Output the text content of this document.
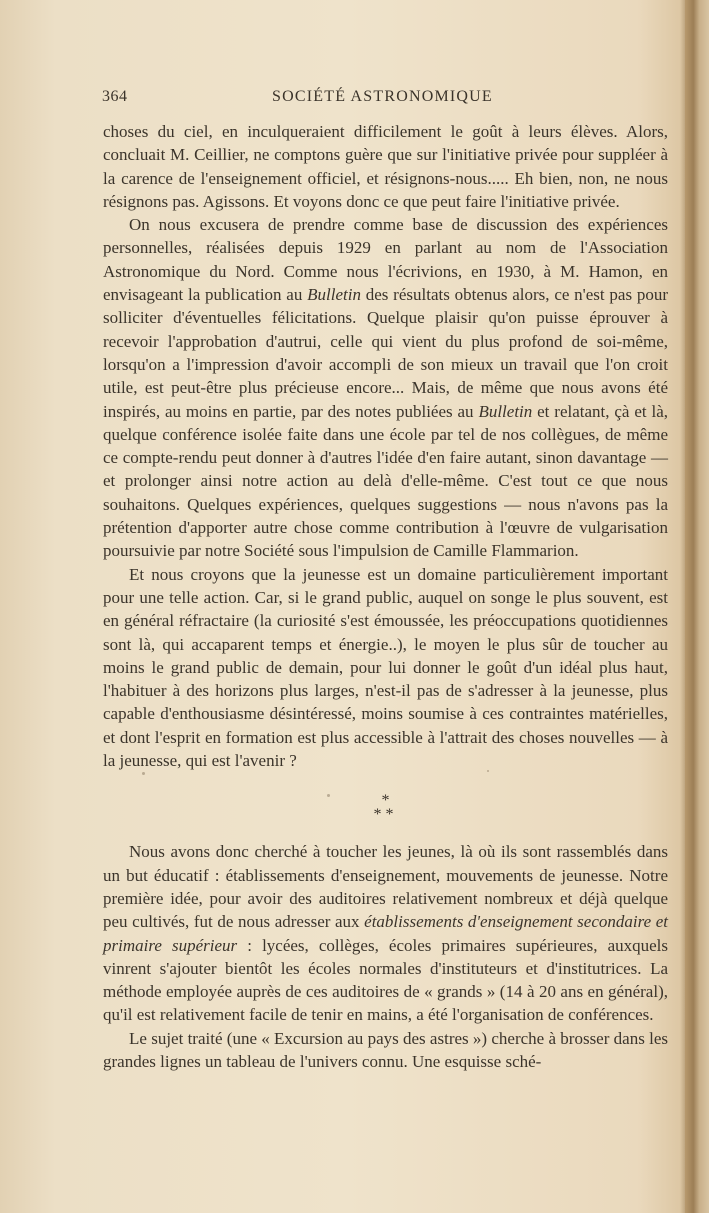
364	SOCIÉTÉ ASTRONOMIQUE

choses du ciel, en inculqueraient difficilement le goût à leurs élèves. Alors, concluait M. Ceillier, ne comptons guère que sur l'initiative privée pour suppléer à la carence de l'enseignement officiel, et résignons-nous..... Eh bien, non, ne nous résignons pas. Agissons. Et voyons donc ce que peut faire l'initiative privée.

On nous excusera de prendre comme base de discussion des expériences personnelles, réalisées depuis 1929 en parlant au nom de l'Association Astronomique du Nord. Comme nous l'écrivions, en 1930, à M. Hamon, en envisageant la publication au Bulletin des résultats obtenus alors, ce n'est pas pour solliciter d'éventuelles félicitations. Quelque plaisir qu'on puisse éprouver à recevoir l'approbation d'autrui, celle qui vient du plus profond de soi-même, lorsqu'on a l'impression d'avoir accompli de son mieux un travail que l'on croit utile, est peut-être plus précieuse encore... Mais, de même que nous avons été inspirés, au moins en partie, par des notes publiées au Bulletin et relatant, çà et là, quelque conférence isolée faite dans une école par tel de nos collègues, de même ce compte-rendu peut donner à d'autres l'idée d'en faire autant, sinon davantage — et prolonger ainsi notre action au delà d'elle-même. C'est tout ce que nous souhaitons. Quelques expériences, quelques suggestions — nous n'avons pas la prétention d'apporter autre chose comme contribution à l'œuvre de vulgarisation poursuivie par notre Société sous l'impulsion de Camille Flammarion.

Et nous croyons que la jeunesse est un domaine particulièrement important pour une telle action. Car, si le grand public, auquel on songe le plus souvent, est en général réfractaire (la curiosité s'est émoussée, les préoccupations quotidiennes sont là, qui accaparent temps et énergie..), le moyen le plus sûr de toucher au moins le grand public de demain, pour lui donner le goût d'un idéal plus haut, l'habituer à des horizons plus larges, n'est-il pas de s'adresser à la jeunesse, plus capable d'enthousiasme désintéressé, moins soumise à ces contraintes matérielles, et dont l'esprit en formation est plus accessible à l'attrait des choses nouvelles — à la jeunesse, qui est l'avenir ?

*
**

Nous avons donc cherché à toucher les jeunes, là où ils sont rassemblés dans un but éducatif : établissements d'enseignement, mouvements de jeunesse. Notre première idée, pour avoir des auditoires relativement nombreux et déjà quelque peu cultivés, fut de nous adresser aux établissements d'enseignement secondaire et primaire supérieur : lycées, collèges, écoles primaires supérieures, auxquels vinrent s'ajouter bientôt les écoles normales d'instituteurs et d'institutrices. La méthode employée auprès de ces auditoires de « grands » (14 à 20 ans en général), qu'il est relativement facile de tenir en mains, a été l'organisation de conférences.

Le sujet traité (une « Excursion au pays des astres ») cherche à brosser dans les grandes lignes un tableau de l'univers connu. Une esquisse sché-
